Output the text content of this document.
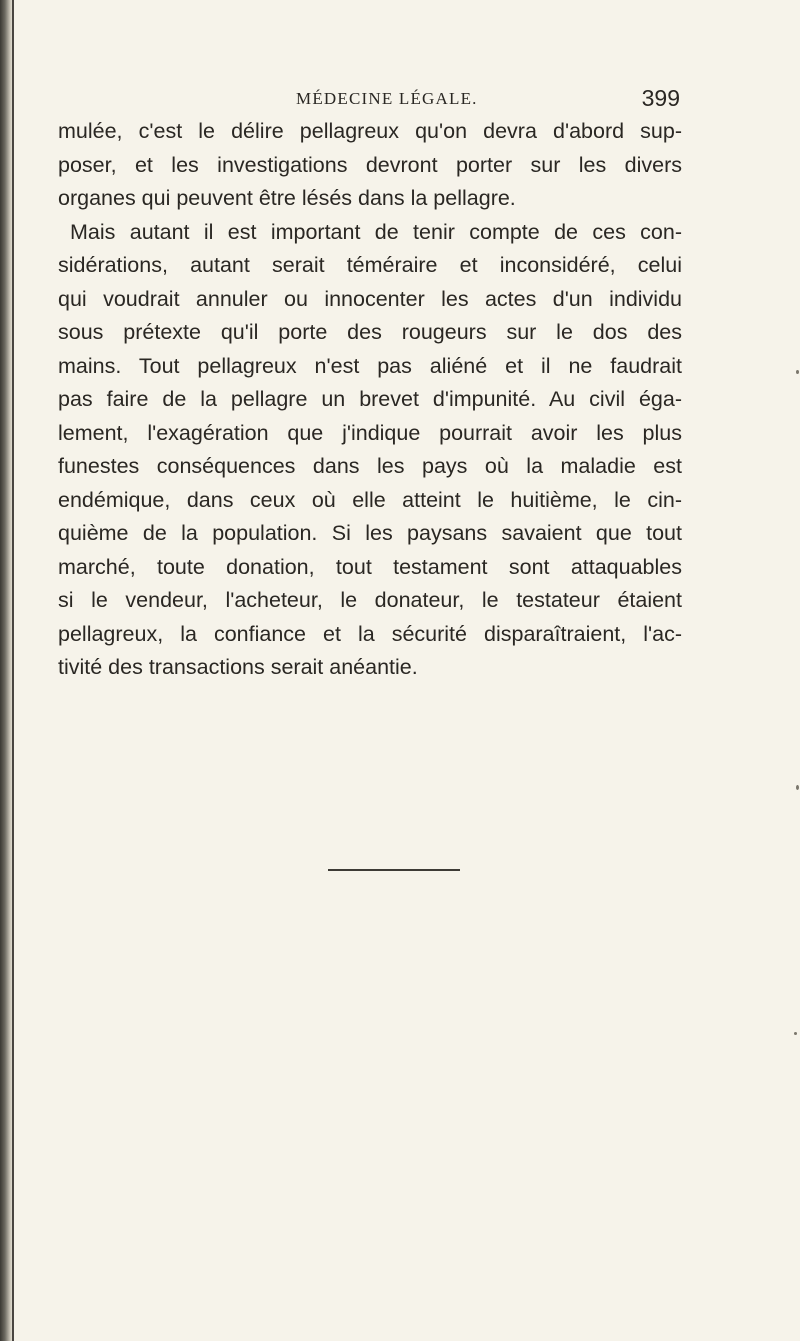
MÉDECINE LÉGALE.	399
mulée, c'est le délire pellagreux qu'on devra d'abord sup-
poser, et les investigations devront porter sur les divers
organes qui peuvent être lésés dans la pellagre.
Mais autant il est important de tenir compte de ces con-
sidérations, autant serait téméraire et inconsidéré, celui
qui voudrait annuler ou innocenter les actes d'un individu
sous prétexte qu'il porte des rougeurs sur le dos des
mains. Tout pellagreux n'est pas aliéné et il ne faudrait
pas faire de la pellagre un brevet d'impunité. Au civil éga-
lement, l'exagération que j'indique pourrait avoir les plus
funestes conséquences dans les pays où la maladie est
endémique, dans ceux où elle atteint le huitième, le cin-
quième de la population. Si les paysans savaient que tout
marché, toute donation, tout testament sont attaquables
si le vendeur, l'acheteur, le donateur, le testateur étaient
pellagreux, la confiance et la sécurité disparaîtraient, l'ac-
tivité des transactions serait anéantie.
